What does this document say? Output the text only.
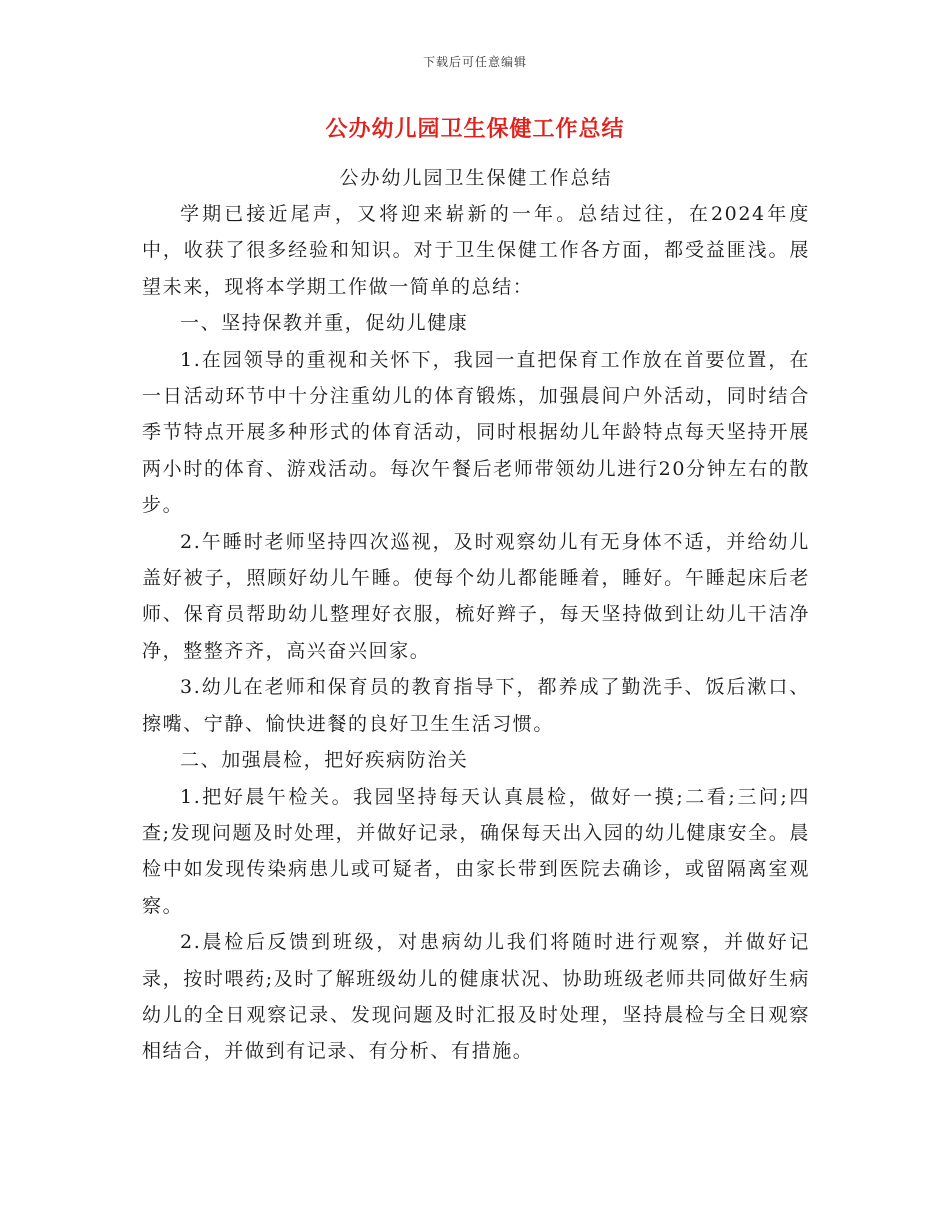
下载后可任意编辑
公办幼儿园卫生保健工作总结

公办幼儿园卫生保健工作总结

学期已接近尾声，又将迎来崭新的一年。总结过往，在2024年度中，收获了很多经验和知识。对于卫生保健工作各方面，都受益匪浅。展望未来，现将本学期工作做一简单的总结：

一、坚持保教并重，促幼儿健康

1.在园领导的重视和关怀下，我园一直把保育工作放在首要位置，在一日活动环节中十分注重幼儿的体育锻炼，加强晨间户外活动，同时结合季节特点开展多种形式的体育活动，同时根据幼儿年龄特点每天坚持开展两小时的体育、游戏活动。每次午餐后老师带领幼儿进行20分钟左右的散步。

2.午睡时老师坚持四次巡视，及时观察幼儿有无身体不适，并给幼儿盖好被子，照顾好幼儿午睡。使每个幼儿都能睡着，睡好。午睡起床后老师、保育员帮助幼儿整理好衣服，梳好辫子，每天坚持做到让幼儿干洁净净，整整齐齐，高兴奋兴回家。

3.幼儿在老师和保育员的教育指导下，都养成了勤洗手、饭后漱口、擦嘴、宁静、愉快进餐的良好卫生生活习惯。

二、加强晨检，把好疾病防治关

1.把好晨午检关。我园坚持每天认真晨检，做好一摸;二看;三问;四查;发现问题及时处理，并做好记录，确保每天出入园的幼儿健康安全。晨检中如发现传染病患儿或可疑者，由家长带到医院去确诊，或留隔离室观察。

2.晨检后反馈到班级，对患病幼儿我们将随时进行观察，并做好记录，按时喂药;及时了解班级幼儿的健康状况、协助班级老师共同做好生病幼儿的全日观察记录、发现问题及时汇报及时处理，坚持晨检与全日观察相结合，并做到有记录、有分析、有措施。
